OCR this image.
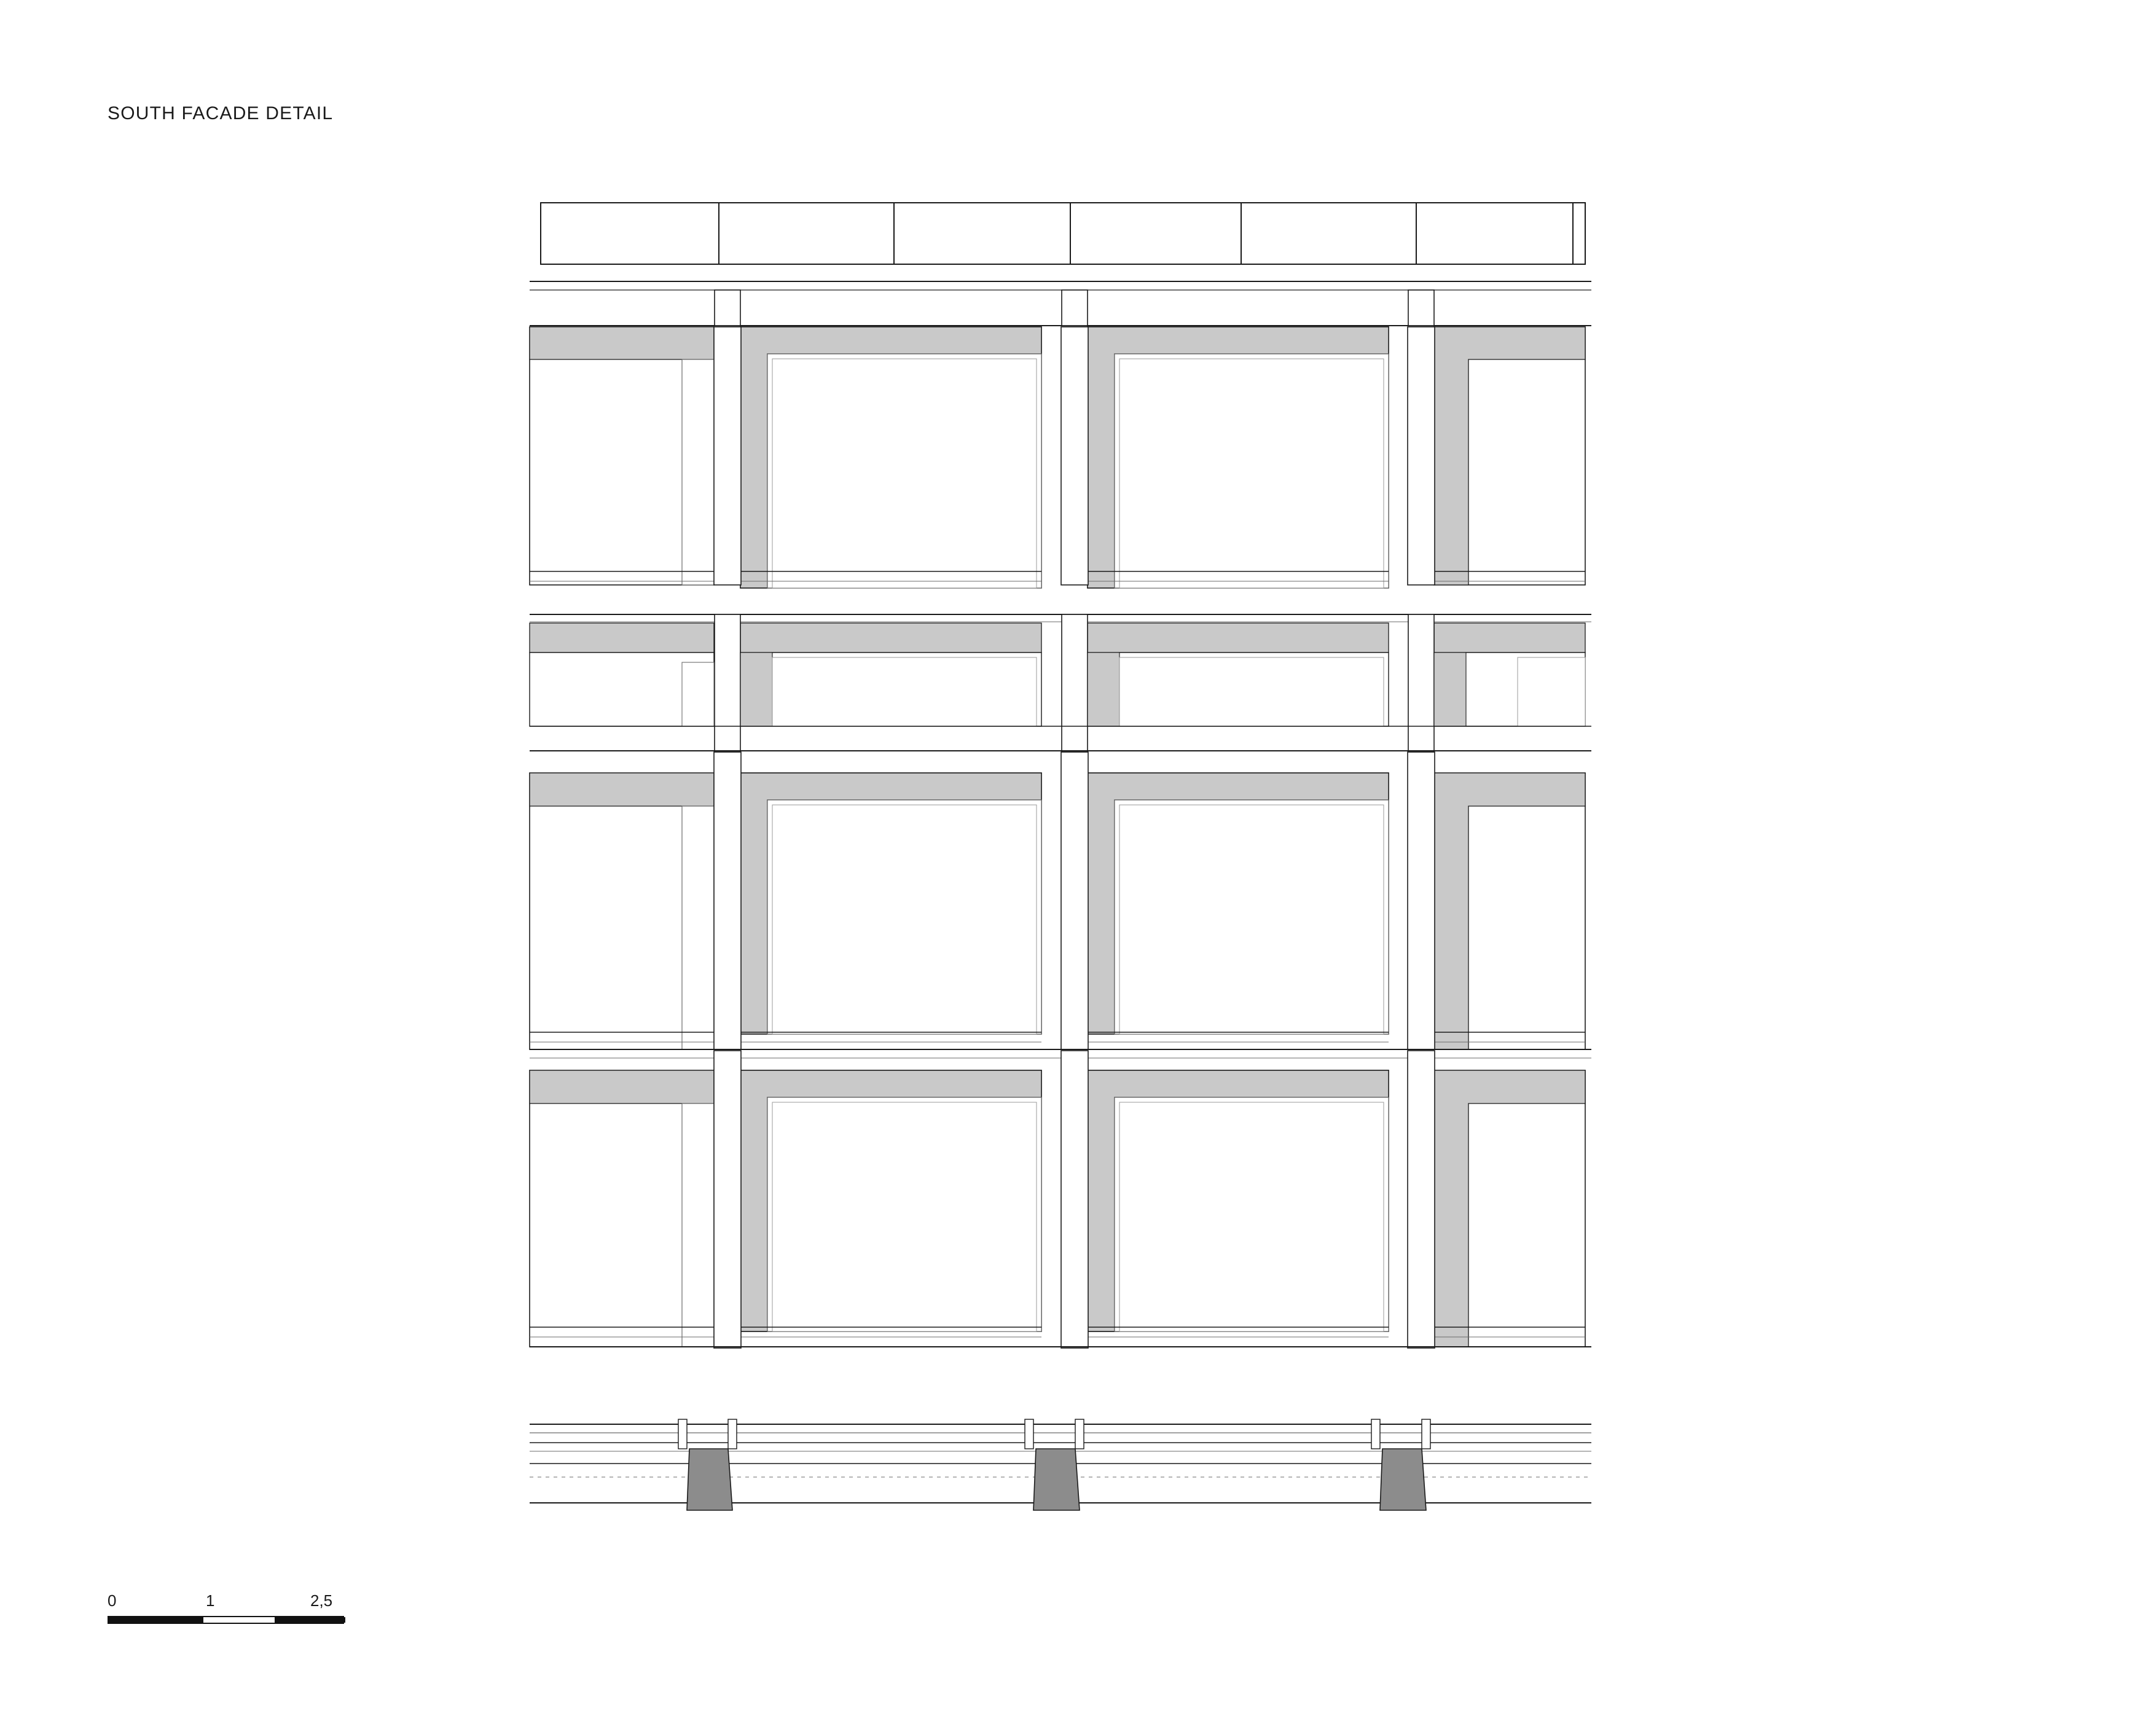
SOUTH FACADE DETAIL
0	1	2,5
